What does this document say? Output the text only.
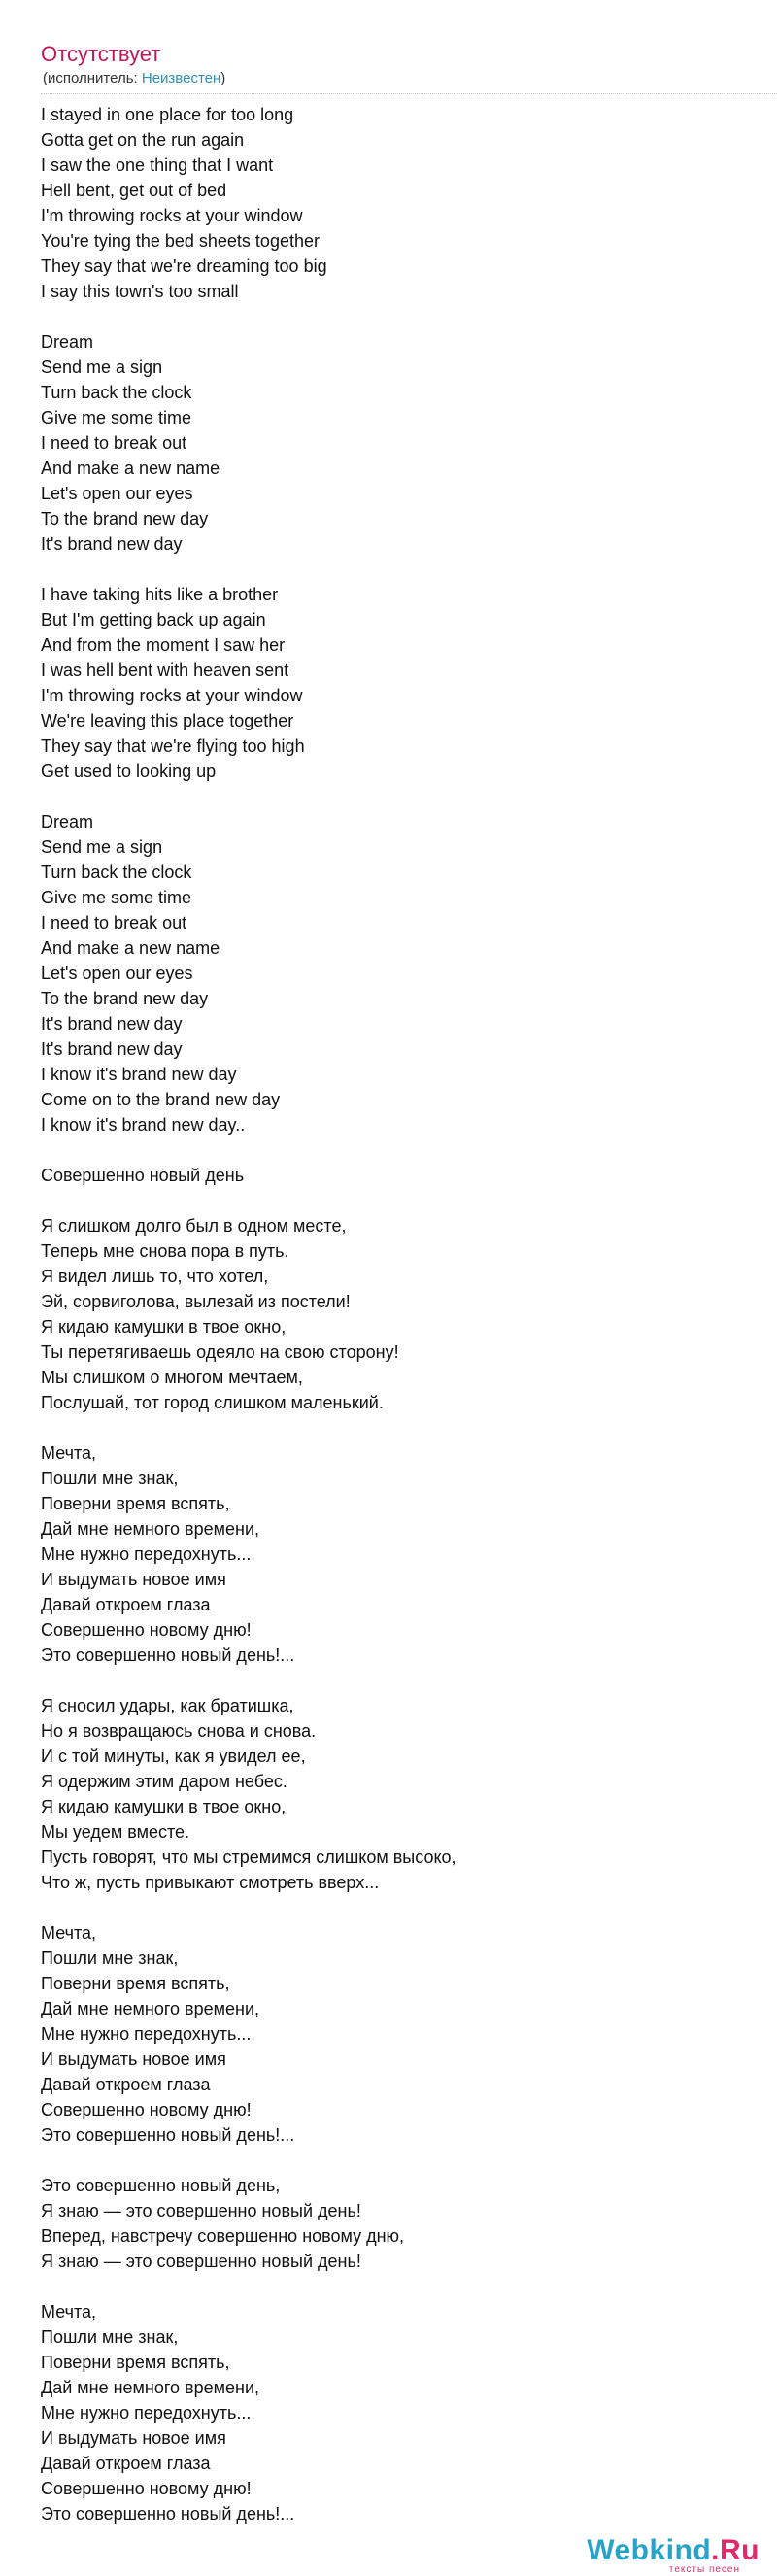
Отсутствует
(исполнитель: Неизвестен)
I stayed in one place for too long
Gotta get on the run again
I saw the one thing that I want
Hell bent, get out of bed
I'm throwing rocks at your window
You're tying the bed sheets together
They say that we're dreaming too big
I say this town's too small
Dream
Send me a sign
Turn back the clock
Give me some time
I need to break out
And make a new name
Let's open our eyes
To the brand new day
It's brand new day
I have taking hits like a brother
But I'm getting back up again
And from the moment I saw her
I was hell bent with heaven sent
I'm throwing rocks at your window
We're leaving this place together
They say that we're flying too high
Get used to looking up
Dream
Send me a sign
Turn back the clock
Give me some time
I need to break out
And make a new name
Let's open our eyes
To the brand new day
It's brand new day
It's brand new day
I know it's brand new day
Come on to the brand new day
I know it's brand new day..
Совершенно новый день
Я слишком долго был в одном месте,
Теперь мне снова пора в путь.
Я видел лишь то, что хотел,
Эй, сорвиголова, вылезай из постели!
Я кидаю камушки в твое окно,
Ты перетягиваешь одеяло на свою сторону!
Мы слишком о многом мечтаем,
Послушай, тот город слишком маленький.
Мечта,
Пошли мне знак,
Поверни время вспять,
Дай мне немного времени,
Мне нужно передохнуть...
И выдумать новое имя
Давай откроем глаза
Совершенно новому дню!
Это совершенно новый день!...
Я сносил удары, как братишка,
Но я возвращаюсь снова и снова.
И с той минуты, как я увидел ее,
Я одержим этим даром небес.
Я кидаю камушки в твое окно,
Мы уедем вместе.
Пусть говорят, что мы стремимся слишком высоко,
Что ж, пусть привыкают смотреть вверх...
Мечта,
Пошли мне знак,
Поверни время вспять,
Дай мне немного времени,
Мне нужно передохнуть...
И выдумать новое имя
Давай откроем глаза
Совершенно новому дню!
Это совершенно новый день!...
Это совершенно новый день,
Я знаю — это совершенно новый день!
Вперед, навстречу совершенно новому дню,
Я знаю — это совершенно новый день!
Мечта,
Пошли мне знак,
Поверни время вспять,
Дай мне немного времени,
Мне нужно передохнуть...
И выдумать новое имя
Давай откроем глаза
Совершенно новому дню!
Это совершенно новый день!...
Webkind.Ru
тексты песен
